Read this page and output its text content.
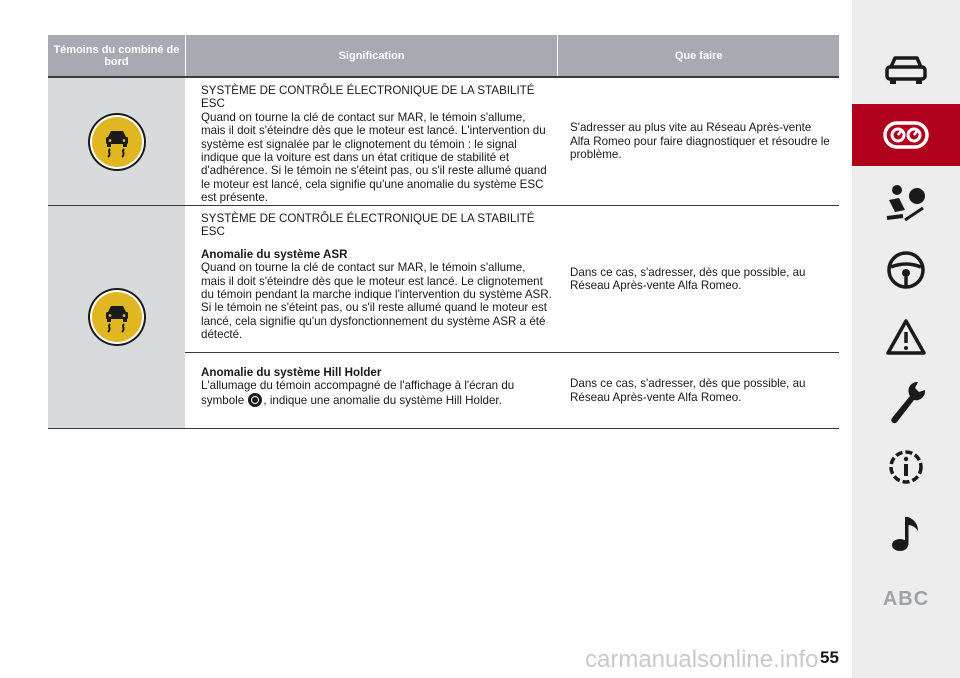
Témoins du combiné de bord	Signification	Que faire
SYSTÈME DE CONTRÔLE ÉLECTRONIQUE DE LA STABILITÉ ESC
Quand on tourne la clé de contact sur MAR, le témoin s'allume, mais il doit s'éteindre dès que le moteur est lancé. L'intervention du système est signalée par le clignotement du témoin : le signal indique que la voiture est dans un état critique de stabilité et d'adhérence. Si le témoin ne s'éteint pas, ou s'il reste allumé quand le moteur est lancé, cela signifie qu'une anomalie du système ESC est présente.
S'adresser au plus vite au Réseau Après-vente Alfa Romeo pour faire diagnostiquer et résoudre le problème.
SYSTÈME DE CONTRÔLE ÉLECTRONIQUE DE LA STABILITÉ ESC
Anomalie du système ASR
Quand on tourne la clé de contact sur MAR, le témoin s'allume, mais il doit s'éteindre dès que le moteur est lancé. Le clignotement du témoin pendant la marche indique l'intervention du système ASR. Si le témoin ne s'éteint pas, ou s'il reste allumé quand le moteur est lancé, cela signifie qu'un dysfonctionnement du système ASR a été détecté.
Dans ce cas, s'adresser, dès que possible, au Réseau Après-vente Alfa Romeo.
Anomalie du système Hill Holder
L'allumage du témoin accompagné de l'affichage à l'écran du symbole , indique une anomalie du système Hill Holder.
Dans ce cas, s'adresser, dès que possible, au Réseau Après-vente Alfa Romeo.
carmanualsonline.info 55
ABC
